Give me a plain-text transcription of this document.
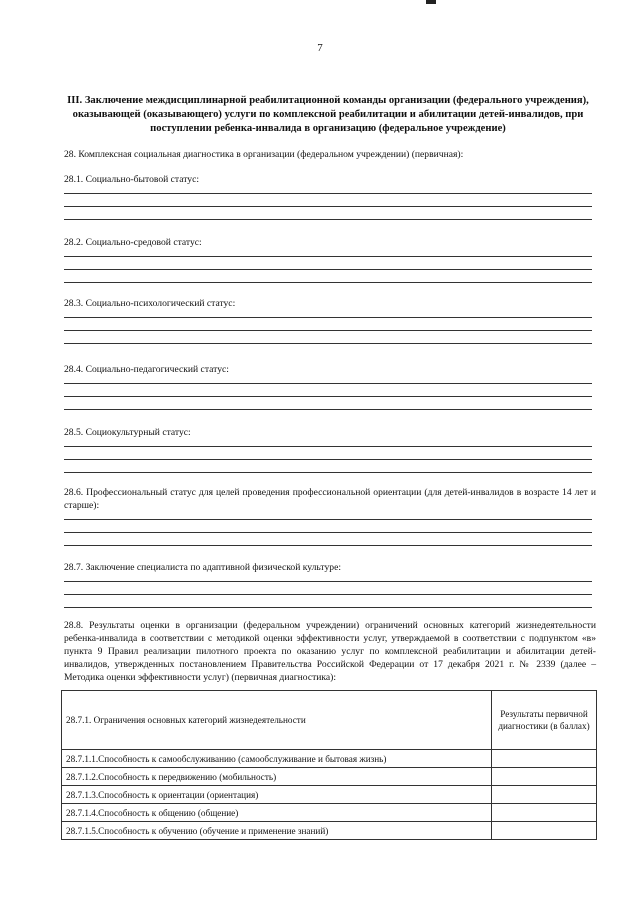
7
III. Заключение междисциплинарной реабилитационной команды организации (федерального учреждения), оказывающей (оказывающего) услуги по комплексной реабилитации и абилитации детей-инвалидов, при поступлении ребенка-инвалида в организацию (федеральное учреждение)
28. Комплексная социальная диагностика в организации (федеральном учреждении) (первичная):
28.1. Социально-бытовой статус:
28.2. Социально-средовой статус:
28.3. Социально-психологический статус:
28.4. Социально-педагогический статус:
28.5. Социокультурный статус:
28.6. Профессиональный статус для целей проведения профессиональной ориентации (для детей-инвалидов в возрасте 14 лет и старше):
28.7. Заключение специалиста по адаптивной физической культуре:
28.8. Результаты оценки в организации (федеральном учреждении) ограничений основных категорий жизнедеятельности ребенка-инвалида в соответствии с методикой оценки эффективности услуг, утверждаемой в соответствии с подпунктом «в» пункта 9 Правил реализации пилотного проекта по оказанию услуг по комплексной реабилитации и абилитации детей-инвалидов, утвержденных постановлением Правительства Российской Федерации от 17 декабря 2021 г. № 2339 (далее – Методика оценки эффективности услуг) (первичная диагностика):
28.7.1. Ограничения основных категорий жизнедеятельности	Результаты первичной диагностики (в баллах)
28.7.1.1.Способность к самообслуживанию (самообслуживание и бытовая жизнь)	
28.7.1.2.Способность к передвижению (мобильность)	
28.7.1.3.Способность к ориентации (ориентация)	
28.7.1.4.Способность к общению (общение)	
28.7.1.5.Способность к обучению (обучение и применение знаний)	
